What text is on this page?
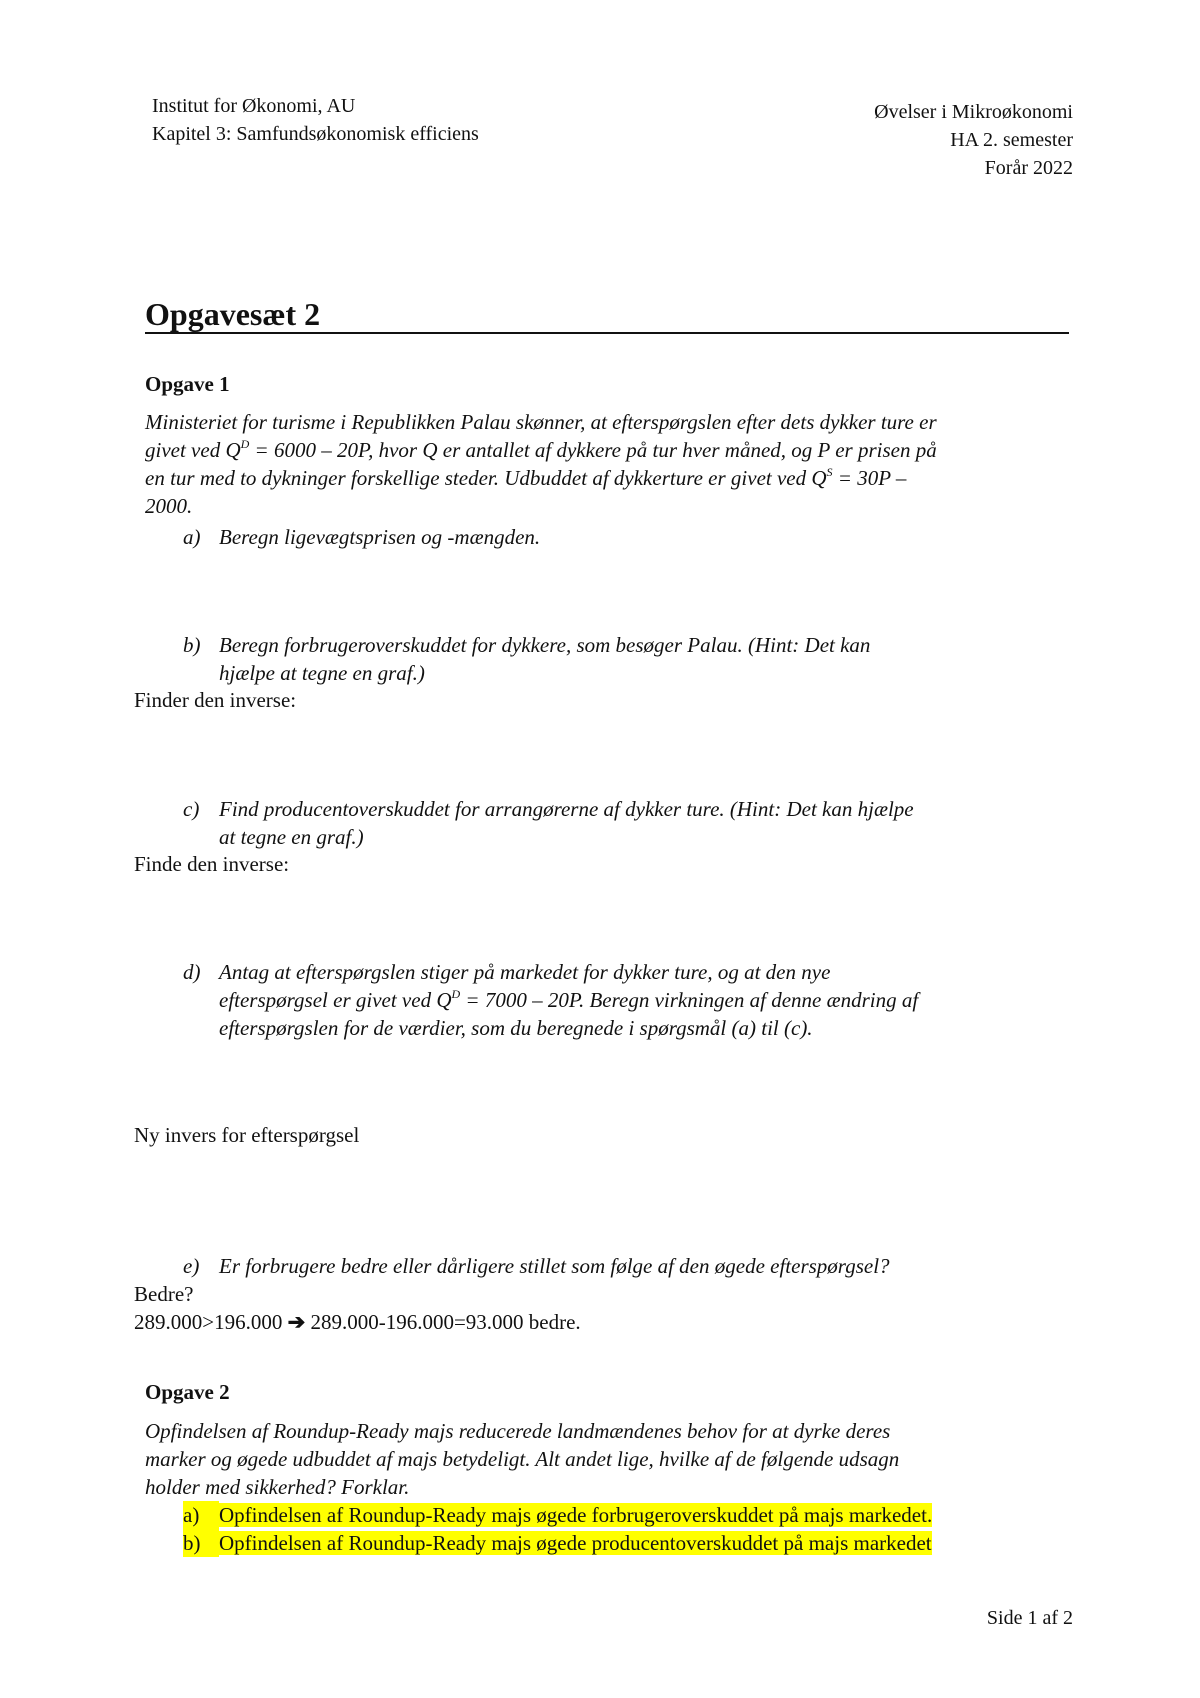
Institut for Økonomi, AU
Kapitel 3: Samfundsøkonomisk efficiens
Øvelser i Mikroøkonomi
HA 2. semester
Forår 2022
Opgavesæt 2
Opgave 1
Ministeriet for turisme i Republikken Palau skønner, at efterspørgslen efter dets dykker ture er
givet ved $Q^D = 6000 - 20P$, hvor Q er antallet af dykkere på tur hver måned, og P er prisen på
en tur med to dykninger forskellige steder. Udbuddet af dykkerture er givet ved $Q^S = 30P$ –
2000.
a) Beregn ligevægtsprisen og -mængden.
b) Beregn forbrugeroverskuddet for dykkere, som besøger Palau. (Hint: Det kan
hjælpe at tegne en graf.)
Finder den inverse:
c) Find producentoverskuddet for arrangørerne af dykker ture. (Hint: Det kan hjælpe
at tegne en graf.)
Finde den inverse:
d) Antag at efterspørgslen stiger på markedet for dykker ture, og at den nye
efterspørgsel er givet ved $Q^D = 7000 - 20P$. Beregn virkningen af denne ændring af
efterspørgslen for de værdier, som du beregnede i spørgsmål (a) til (c).
Ny invers for efterspørgsel
e) Er forbrugere bedre eller dårligere stillet som følge af den øgede efterspørgsel?
Bedre?
289.000>196.000 ➔ 289.000-196.000=93.000 bedre.
Opgave 2
Opfindelsen af Roundup-Ready majs reducerede landmændenes behov for at dyrke deres
marker og øgede udbuddet af majs betydeligt. Alt andet lige, hvilke af de følgende udsagn
holder med sikkerhed? Forklar.
a) Opfindelsen af Roundup-Ready majs øgede forbrugeroverskuddet på majs markedet.
b) Opfindelsen af Roundup-Ready majs øgede producentoverskuddet på majs markedet
Side 1 af 2
